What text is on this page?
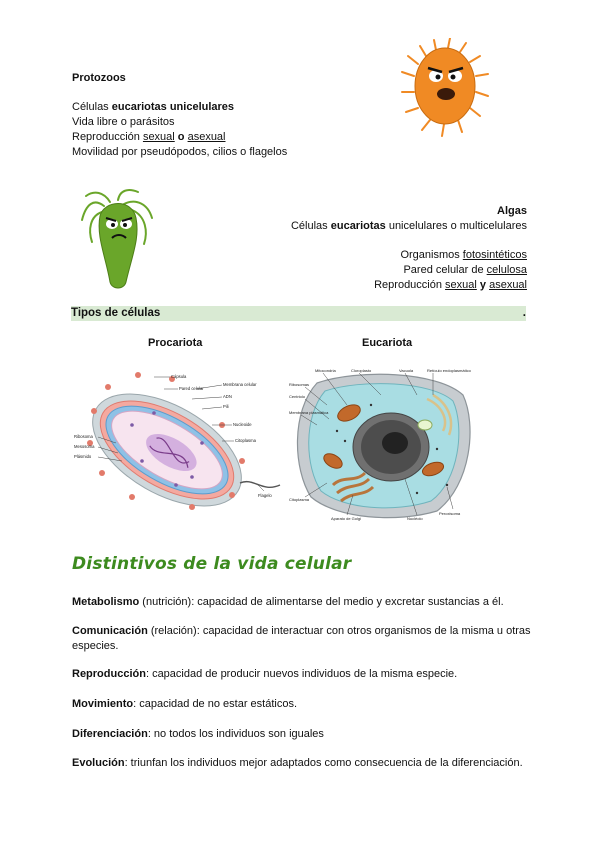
Protozoos
Células eucariotas unicelulares
Vida libre o parásitos
Reproducción sexual o asexual
Movilidad por pseudópodos, cilios o flagelos
Algas
Células eucariotas unicelulares o multicelulares
Organismos fotosintéticos
Pared celular de celulosa
Reproducción sexual y asexual
Tipos de células	.
Procariota	Eucariota
Cápsula
Pared celular
Membrana celular
ADN
Pili
Nucleoide
Citoplasma
Flagelo
Ribosoma
Mesosoma
Plásmido
Mitocondria	Cloroplasto	Vacuola	Retículo endoplasmático
Ribosomas
Centriolo
Membrana plasmática
Citoplasma
Aparato de Golgi	Nucléolo
Peroxisoma
Distintivos de la vida celular
Metabolismo (nutrición): capacidad de alimentarse del medio y excretar sustancias a él.
Comunicación (relación): capacidad de interactuar con otros organismos de la misma u otras especies.
Reproducción: capacidad de producir nuevos individuos de la misma especie.
Movimiento: capacidad de no estar estáticos.
Diferenciación: no todos los individuos son iguales
Evolución: triunfan los individuos mejor adaptados como consecuencia de la diferenciación.
